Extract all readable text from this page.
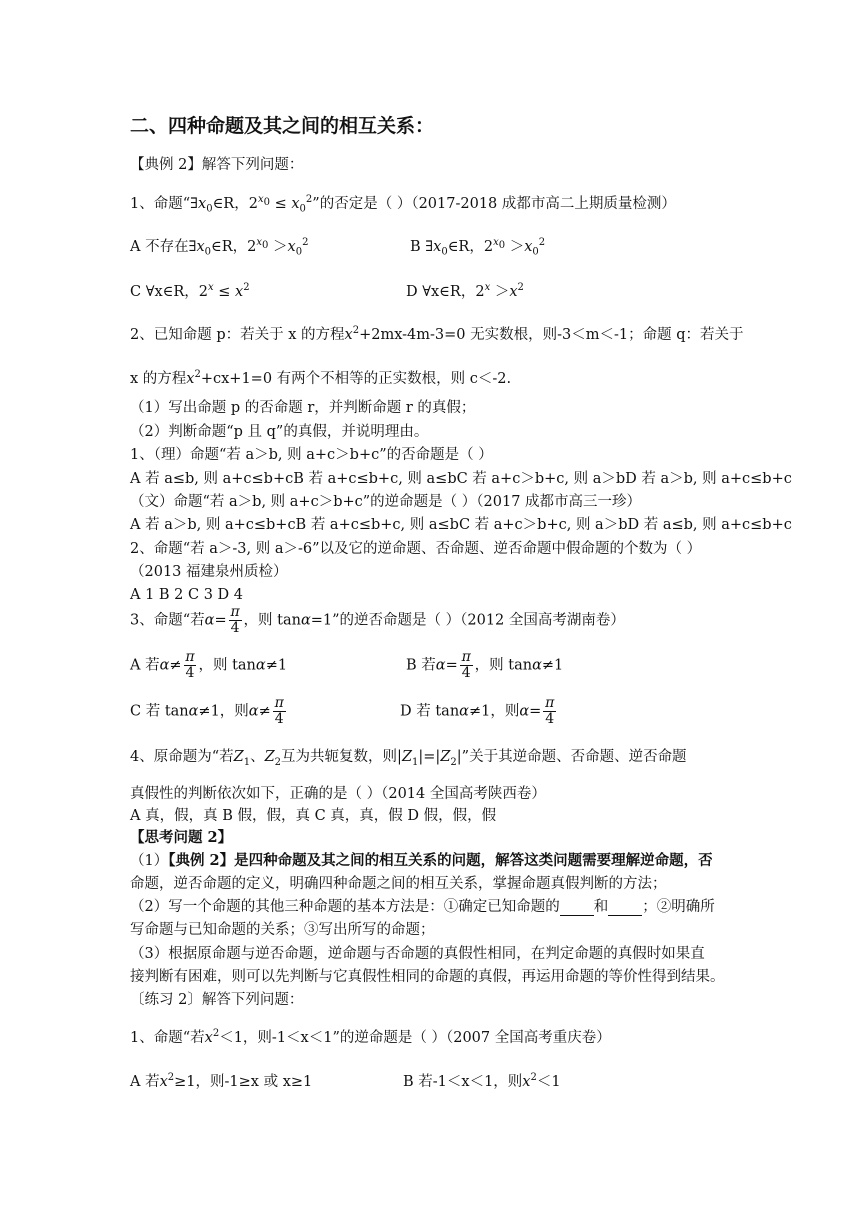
二、四种命题及其之间的相互关系：
【典例 2】解答下列问题：
1、命题“$\exists x_0\in R$，$2^{x_0} \le x_0^2$”的否定是（ ）（2017-2018 成都市高二上期质量检测）
A 不存在$\exists x_0\in R$，$2^{x_0} >x_0^2$	B $\exists x_0\in R$，$2^{x_0} >x_0^2$
C ∀x∈R，$2^x \le x^2$	D ∀x∈R，$2^x >x^2$
2、已知命题 p：若关于 x 的方程$x^2+2mx-4m-3=0$ 无实数根，则-3＜m＜-1；命题 q：若关于
x 的方程$x^2+cx+1=0$ 有两个不相等的正实数根，则 c＜-2.
（1）写出命题 p 的否命题 r，并判断命题 r 的真假；
（2）判断命题“p 且 q”的真假，并说明理由。
1、（理）命题“若 a＞b, 则 a+c＞b+c”的否命题是（ ）
A 若 a≤b, 则 a+c≤b+cB 若 a+c≤b+c, 则 a≤bC 若 a+c＞b+c, 则 a＞bD 若 a＞b, 则 a+c≤b+c
（文）命题“若 a＞b, 则 a+c＞b+c”的逆命题是（ ）（2017 成都市高三一珍）
A 若 a＞b, 则 a+c≤b+cB 若 a+c≤b+c, 则 a≤bC 若 a+c＞b+c, 则 a＞bD 若 a≤b, 则 a+c≤b+c
2、命题“若 a＞-3, 则 a＞-6”以及它的逆命题、否命题、逆否命题中假命题的个数为（ ）
（2013 福建泉州质检）
A 1 B 2 C 3 D 4
3、命题“若$\alpha= \frac{\pi}{4}$ ，则 tanα=1”的逆否命题是（ ）（2012 全国高考湖南卷）
A 若$\alpha\ne \frac{\pi}{4}$ ，则 tanα≠1	B 若$\alpha= \frac{\pi}{4}$ ，则 tanα≠1
C 若 tanα≠1，则$\alpha\ne \frac{\pi}{4}$	D 若 tanα≠1，则$\alpha= \frac{\pi}{4}$
4、原命题为“若$Z_1$、$Z_2$互为共轭复数，则$|Z_1|=|Z_2|$”关于其逆命题、否命题、逆否命题
真假性的判断依次如下，正确的是（ ）（2014 全国高考陕西卷）
A 真，假，真 B 假，假，真 C 真，真，假 D 假，假，假
【思考问题 2】
（1）【典例 2】是四种命题及其之间的相互关系的问题，解答这类问题需要理解逆命题，否
命题，逆否命题的定义，明确四种命题之间的相互关系，掌握命题真假判断的方法；
（2）写一个命题的其他三种命题的基本方法是：①确定已知命题的 和 ；②明确所
写命题与已知命题的关系；③写出所写的命题；
（3）根据原命题与逆否命题，逆命题与否命题的真假性相同，在判定命题的真假时如果直
接判断有困难，则可以先判断与它真假性相同的命题的真假，再运用命题的等价性得到结果。
〔练习 2〕解答下列问题：
1、命题“若$x^2<1$，则-1＜x＜1”的逆命题是（ ）（2007 全国高考重庆卷）
A 若$x^2\ge 1$，则-1≥x 或 x≥1	B 若-1＜x＜1，则$x^2<1$
